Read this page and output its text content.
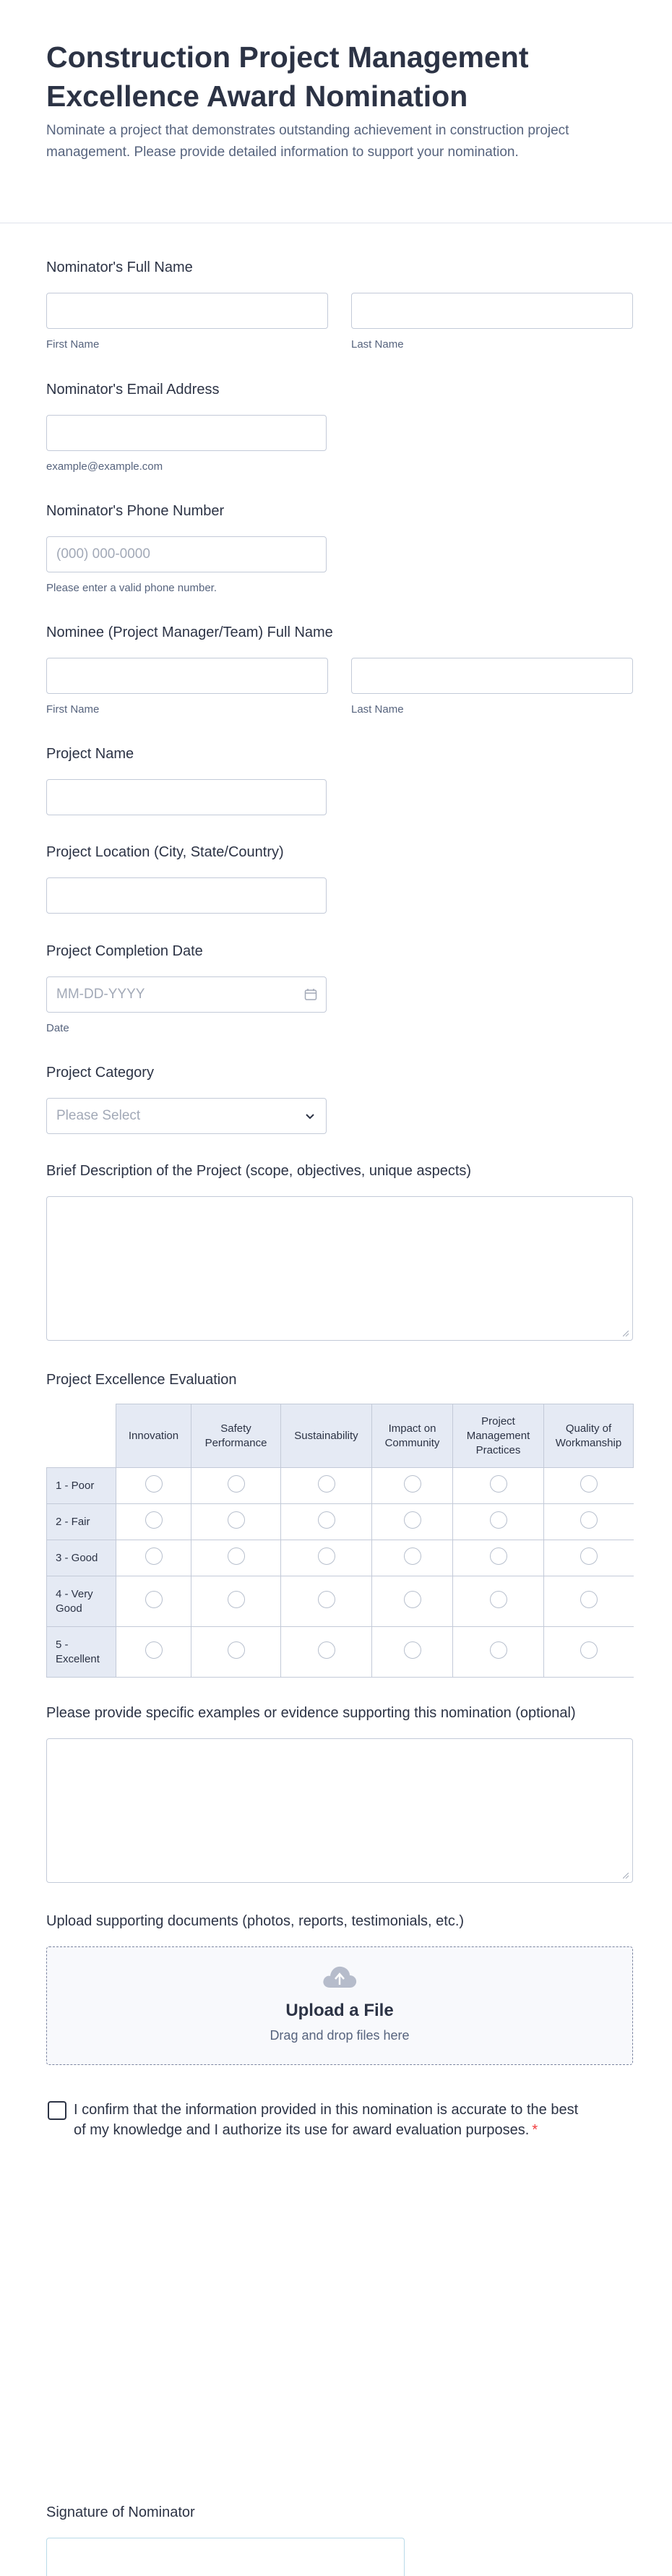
Construction Project Management Excellence Award Nomination
Nominate a project that demonstrates outstanding achievement in construction project management. Please provide detailed information to support your nomination.
Nominator's Full Name
First Name	Last Name
Nominator's Email Address
example@example.com
Nominator's Phone Number
(000) 000-0000
Please enter a valid phone number.
Nominee (Project Manager/Team) Full Name
First Name	Last Name
Project Name
Project Location (City, State/Country)
Project Completion Date
MM-DD-YYYY
Date
Project Category
Please Select
Brief Description of the Project (scope, objectives, unique aspects)
Project Excellence Evaluation
	Innovation	Safety Performance	Sustainability	Impact on Community	Project Management Practices	Quality of Workmanship
1 - Poor						
2 - Fair						
3 - Good						
4 - Very Good						
5 - Excellent						
Please provide specific examples or evidence supporting this nomination (optional)
Upload supporting documents (photos, reports, testimonials, etc.)
Upload a File
Drag and drop files here
I confirm that the information provided in this nomination is accurate to the best of my knowledge and I authorize its use for award evaluation purposes. *
Signature of Nominator
